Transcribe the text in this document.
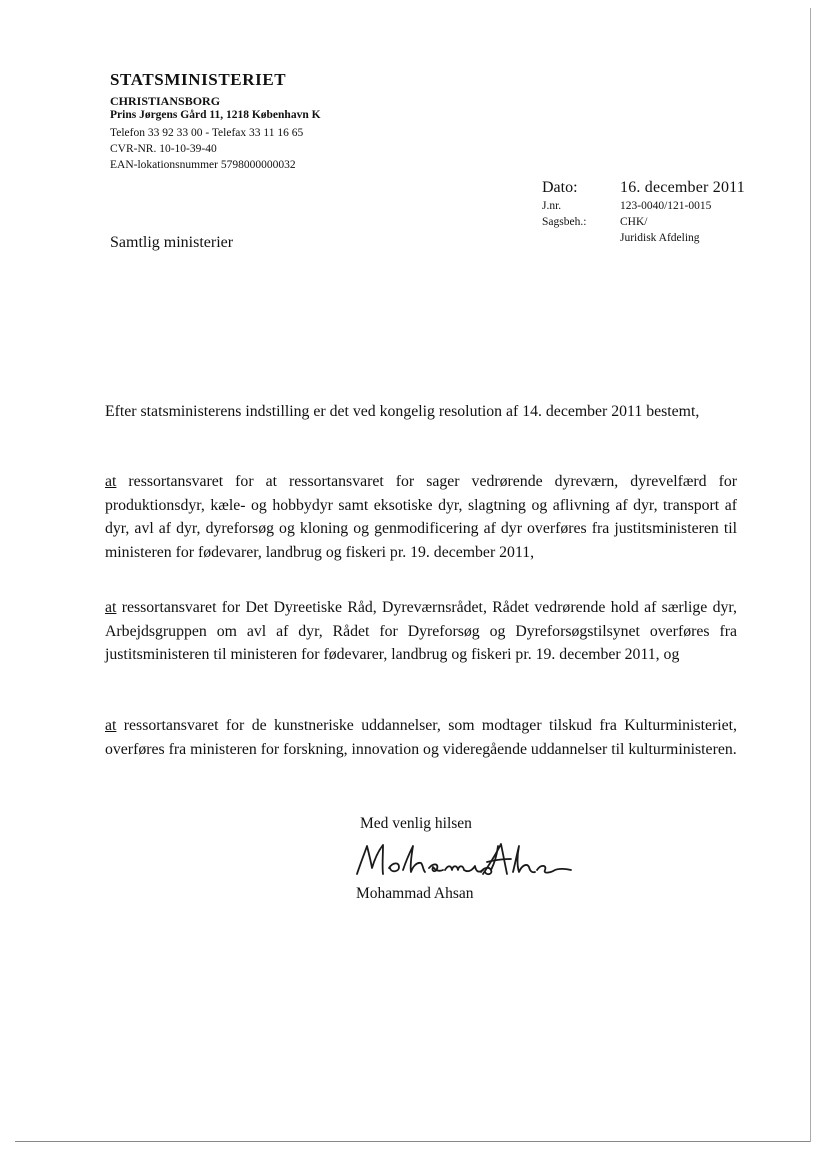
STATSMINISTERIET
CHRISTIANSBORG
Prins Jørgens Gård 11, 1218 København K
Telefon 33 92 33 00 - Telefax 33 11 16 65
CVR-NR. 10-10-39-40
EAN-lokationsnummer 5798000000032
Dato:	16. december 2011
J.nr.	123-0040/121-0015
Sagsbeh.:	CHK/
Juridisk Afdeling
Samtlig ministerier
Efter statsministerens indstilling er det ved kongelig resolution af 14. december 2011 bestemt,
at ressortansvaret for at ressortansvaret for sager vedrørende dyreværn, dyrevelfærd for produktionsdyr, kæle- og hobbydyr samt eksotiske dyr, slagtning og aflivning af dyr, transport af dyr, avl af dyr, dyreforsøg og kloning og genmodificering af dyr overføres fra justitsministeren til ministeren for fødevarer, landbrug og fiskeri pr. 19. december 2011,
at ressortansvaret for Det Dyreetiske Råd, Dyreværnsrådet, Rådet vedrørende hold af særlige dyr, Arbejdsgruppen om avl af dyr, Rådet for Dyreforsøg og Dyreforsøgstilsynet overføres fra justitsministeren til ministeren for fødevarer, landbrug og fiskeri pr. 19. december 2011, og
at ressortansvaret for de kunstneriske uddannelser, som modtager tilskud fra Kulturministeriet, overføres fra ministeren for forskning, innovation og videregående uddannelser til kulturministeren.
Med venlig hilsen
Mohammad Ahsan
